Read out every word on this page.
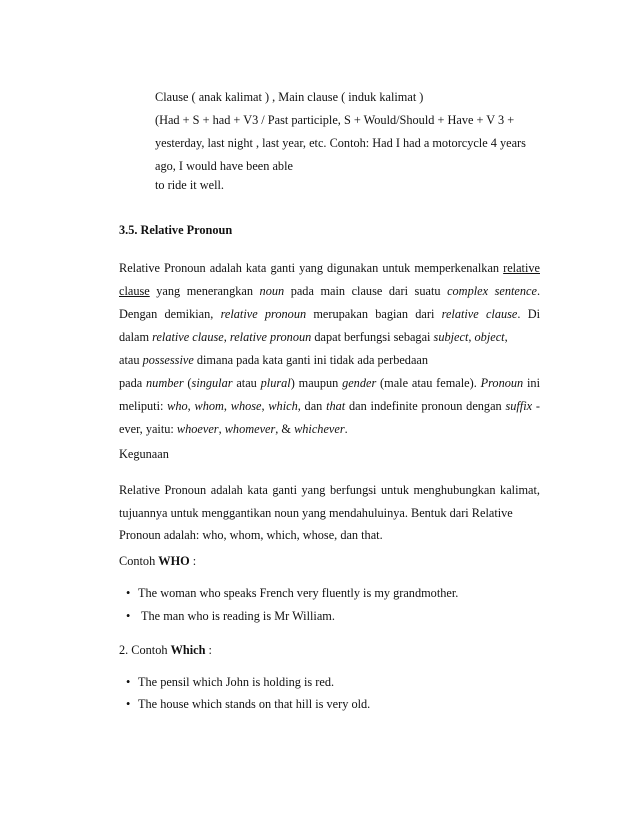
Clause ( anak kalimat ) , Main clause ( induk kalimat )
(Had + S + had + V3 / Past participle, S + Would/Should + Have + V 3 +
yesterday, last night , last year, etc. Contoh: Had I had a motorcycle 4 years
ago, I would have been able
to ride it well.
3.5. Relative Pronoun
Relative Pronoun adalah kata ganti yang digunakan untuk memperkenalkan relative
clause yang menerangkan noun pada main clause dari suatu complex sentence.
Dengan demikian, relative pronoun merupakan bagian dari relative clause. Di
dalam relative clause, relative pronoun dapat berfungsi sebagai subject, object,
atau possessive dimana pada kata ganti ini tidak ada perbedaan
pada number (singular atau plural) maupun gender (male atau female). Pronoun ini
meliputi: who, whom, whose, which, dan that dan indefinite pronoun dengan suffix -
ever, yaitu: whoever, whomever, & whichever.
Kegunaan
Relative Pronoun adalah kata ganti yang berfungsi untuk menghubungkan kalimat,
tujuannya untuk menggantikan noun yang mendahuluinya. Bentuk dari Relative
Pronoun adalah: who, whom, which, whose, dan that.
Contoh WHO :
• The woman who speaks French very fluently is my grandmother.
• The man who is reading is Mr William.
2. Contoh Which :
• The pensil which John is holding is red.
• The house which stands on that hill is very old.
